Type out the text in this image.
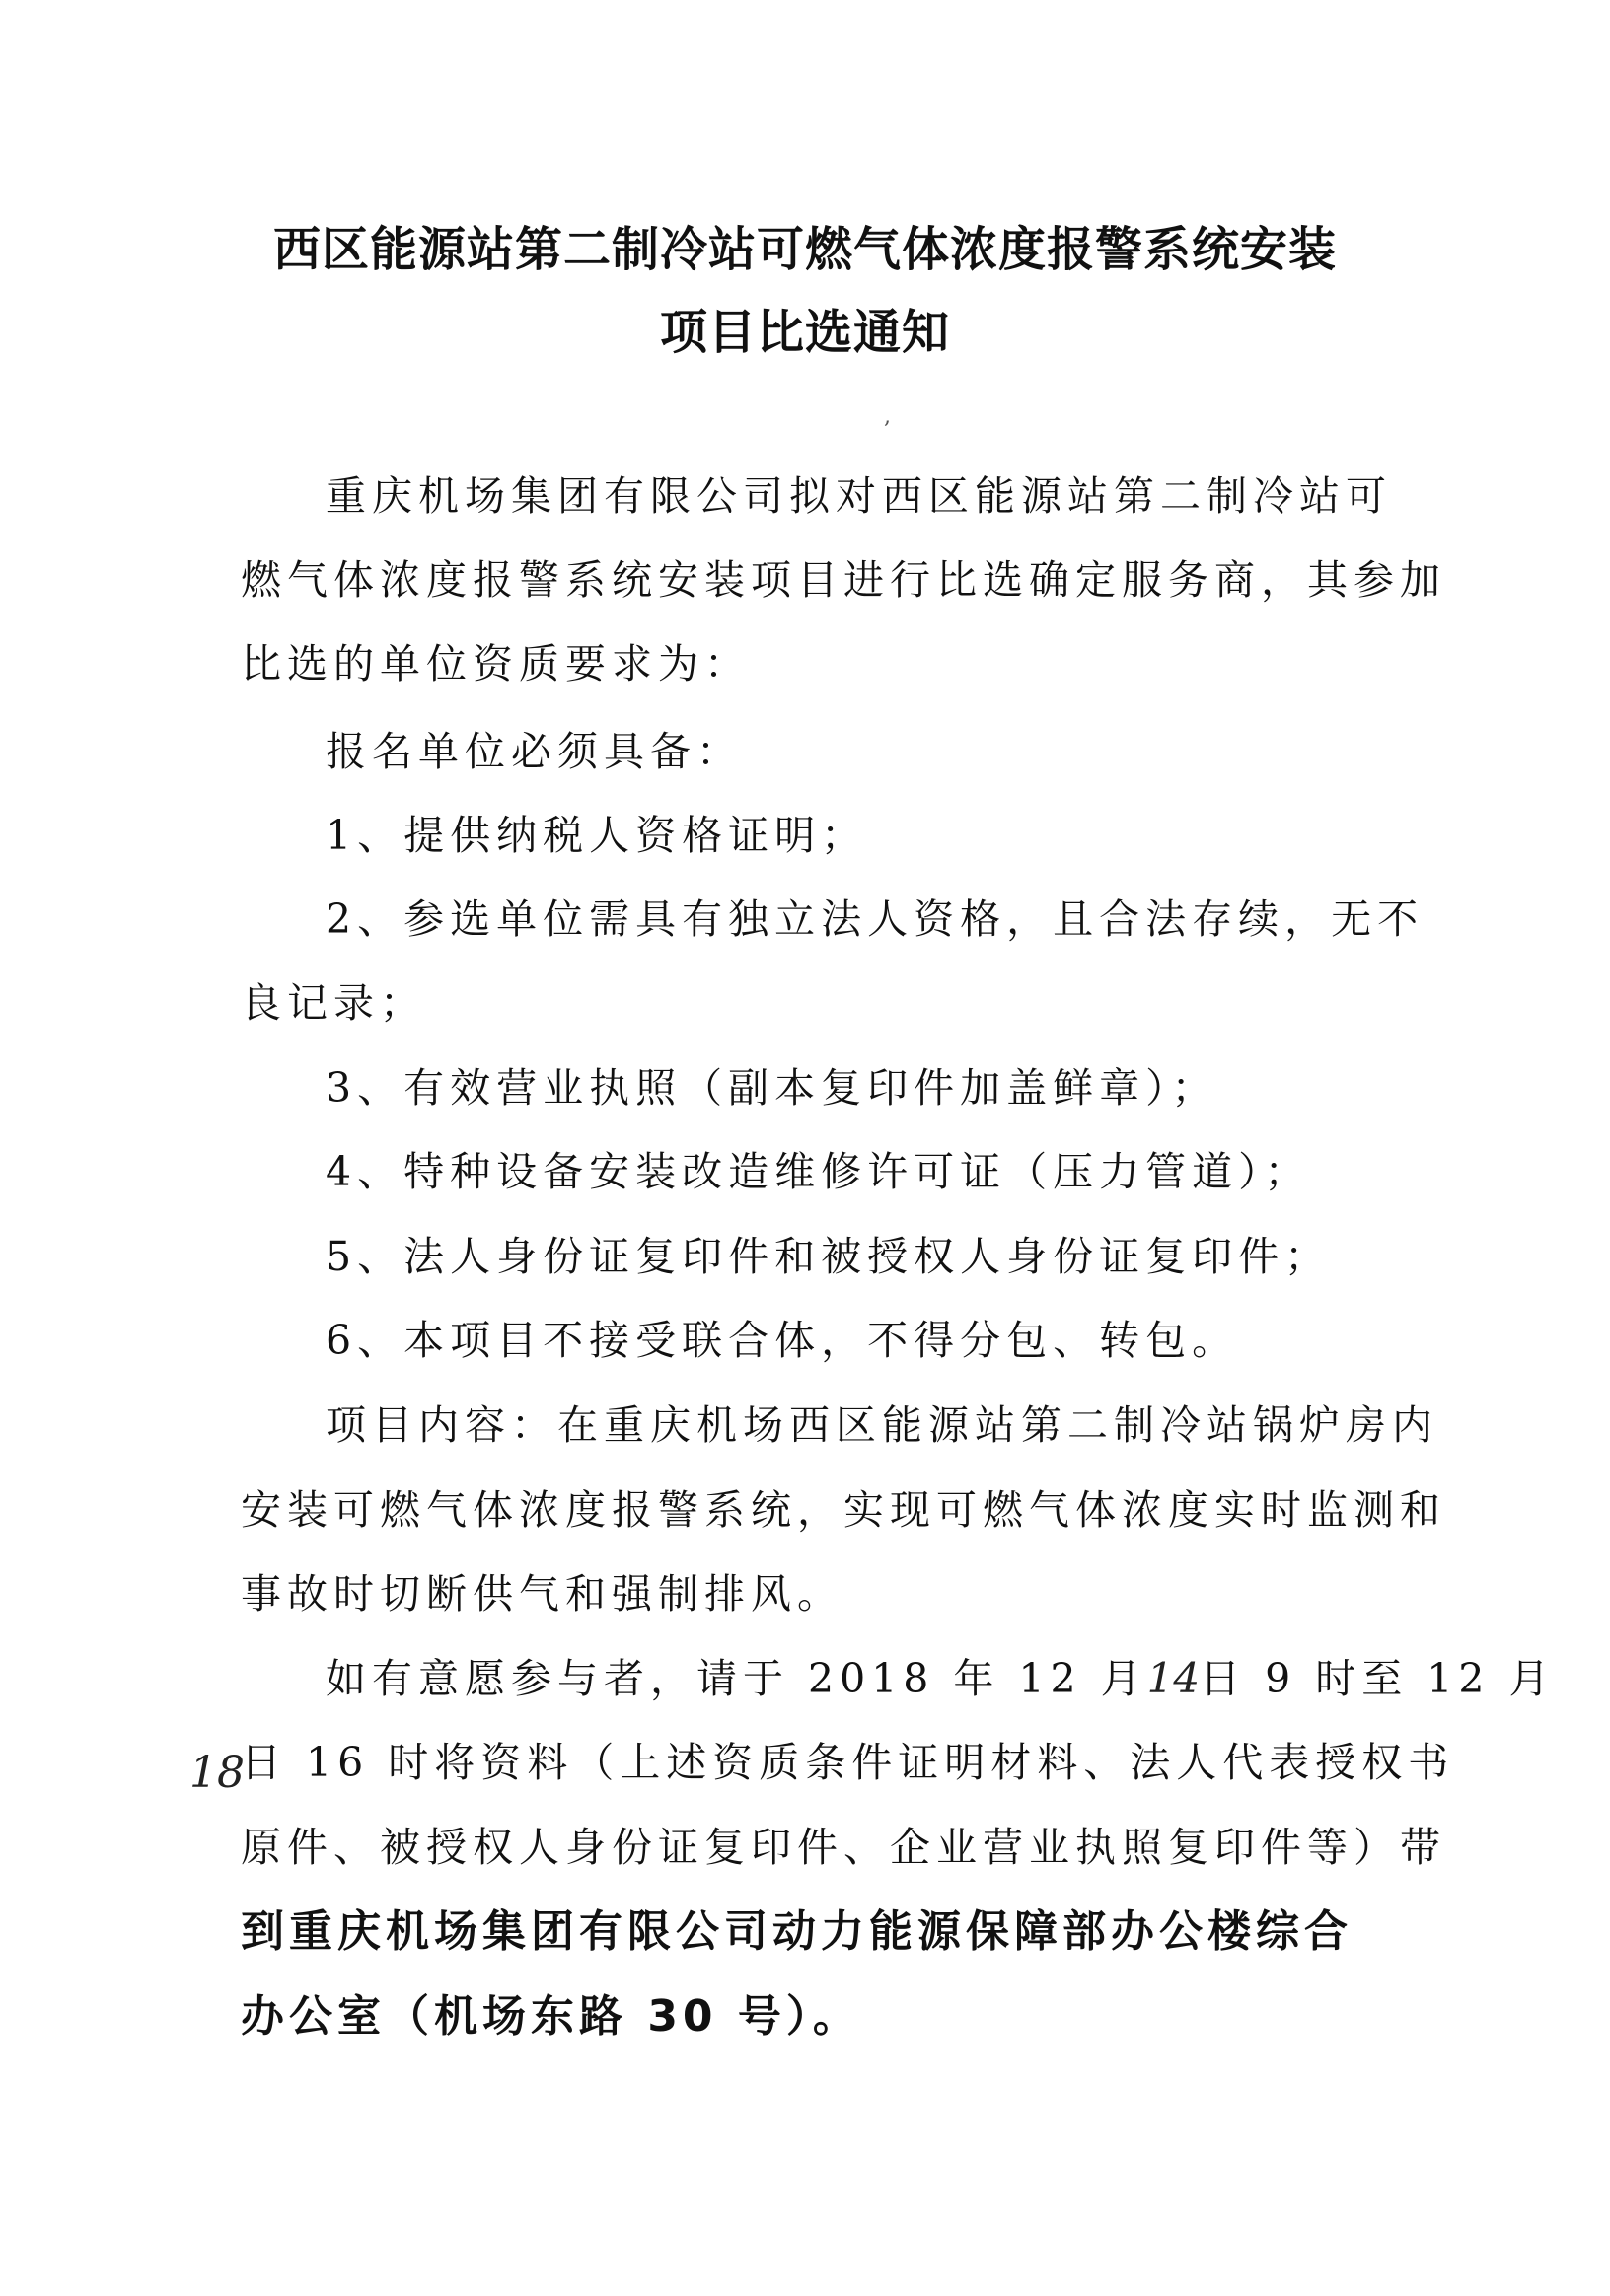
西区能源站第二制冷站可燃气体浓度报警系统安装
项目比选通知
,
重庆机场集团有限公司拟对西区能源站第二制冷站可
燃气体浓度报警系统安装项目进行比选确定服务商，其参加
比选的单位资质要求为：
报名单位必须具备：
1、提供纳税人资格证明；
2、参选单位需具有独立法人资格，且合法存续，无不
良记录；
3、有效营业执照（副本复印件加盖鲜章）；
4、特种设备安装改造维修许可证（压力管道）；
5、法人身份证复印件和被授权人身份证复印件；
6、本项目不接受联合体，不得分包、转包。
项目内容：在重庆机场西区能源站第二制冷站锅炉房内
安装可燃气体浓度报警系统，实现可燃气体浓度实时监测和
事故时切断供气和强制排风。
如有意愿参与者，请于 2018 年 12 月14日 9 时至 12 月
18
日 16 时将资料（上述资质条件证明材料、法人代表授权书
原件、被授权人身份证复印件、企业营业执照复印件等）带
到重庆机场集团有限公司动力能源保障部办公楼综合
办公室（机场东路 30 号）。
